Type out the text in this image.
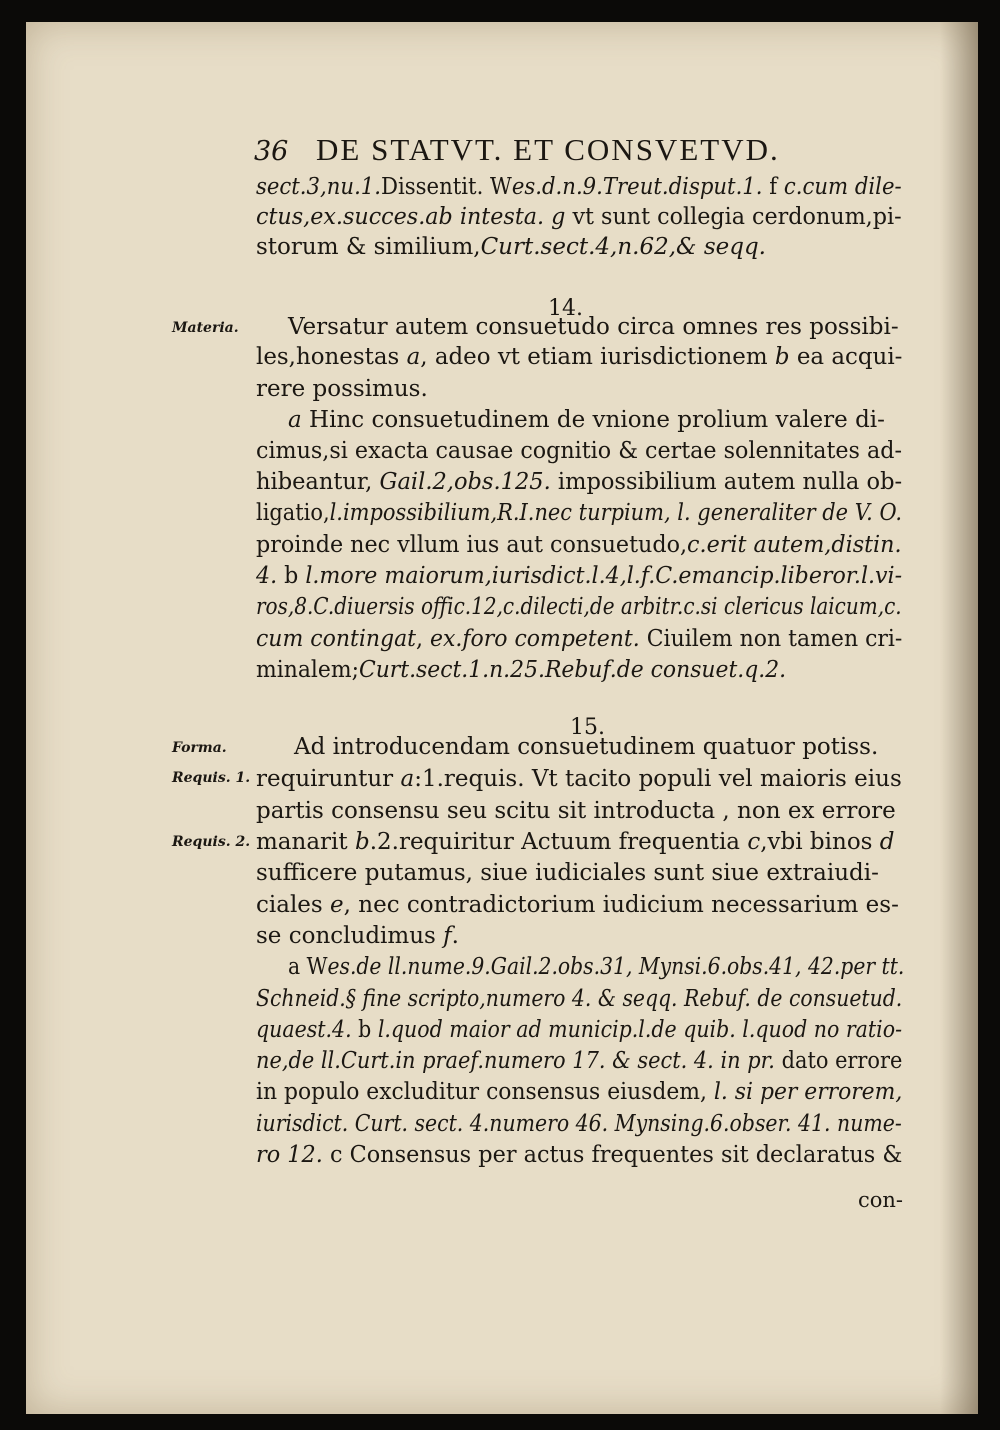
36 DE STATVT. ET CONSVETVD.
14.
15.
Materia.
Forma.
Requis. 1.
Requis. 2.
con-
sect.3,nu.1.Dissentit. Wes.d.n.9.Treut.disput.1. f c.cum dile-
ctus,ex.succes.ab intesta. g vt sunt collegia cerdonum,pi-
storum & similium,Curt.sect.4,n.62,& seqq.
Versatur autem consuetudo circa omnes res possibi-
les,honestas a, adeo vt etiam iurisdictionem b ea acqui-
rere possimus.
a Hinc consuetudinem de vnione prolium valere di-
cimus,si exacta causae cognitio & certae solennitates ad-
hibeantur, Gail.2,obs.125. impossibilium autem nulla ob-
ligatio,l.impossibilium,R.I.nec turpium, l. generaliter de V. O.
proinde nec vllum ius aut consuetudo,c.erit autem,distin.
4. b l.more maiorum,iurisdict.l.4,l.f.C.emancip.liberor.l.vi-
ros,8.C.diuersis offic.12,c.dilecti,de arbitr.c.si clericus laicum,c.
cum contingat, ex.foro competent. Ciuilem non tamen cri-
minalem;Curt.sect.1.n.25.Rebuf.de consuet.q.2.
Ad introducendam consuetudinem quatuor potiss.
requiruntur a:1.requis. Vt tacito populi vel maioris eius
partis consensu seu scitu sit introducta , non ex errore
manarit b.2.requiritur Actuum frequentia c,vbi binos d
sufficere putamus, siue iudiciales sunt siue extraiudi-
ciales e, nec contradictorium iudicium necessarium es-
se concludimus f.
a Wes.de ll.nume.9.Gail.2.obs.31, Mynsi.6.obs.41, 42.per tt.
Schneid.§ fine scripto,numero 4. & seqq. Rebuf. de consuetud.
quaest.4. b l.quod maior ad municip.l.de quib. l.quod no ratio-
ne,de ll.Curt.in praef.numero 17. & sect. 4. in pr. dato errore
in populo excluditur consensus eiusdem, l. si per errorem,
iurisdict. Curt. sect. 4.numero 46. Mynsing.6.obser. 41. nume-
ro 12. c Consensus per actus frequentes sit declaratus &
